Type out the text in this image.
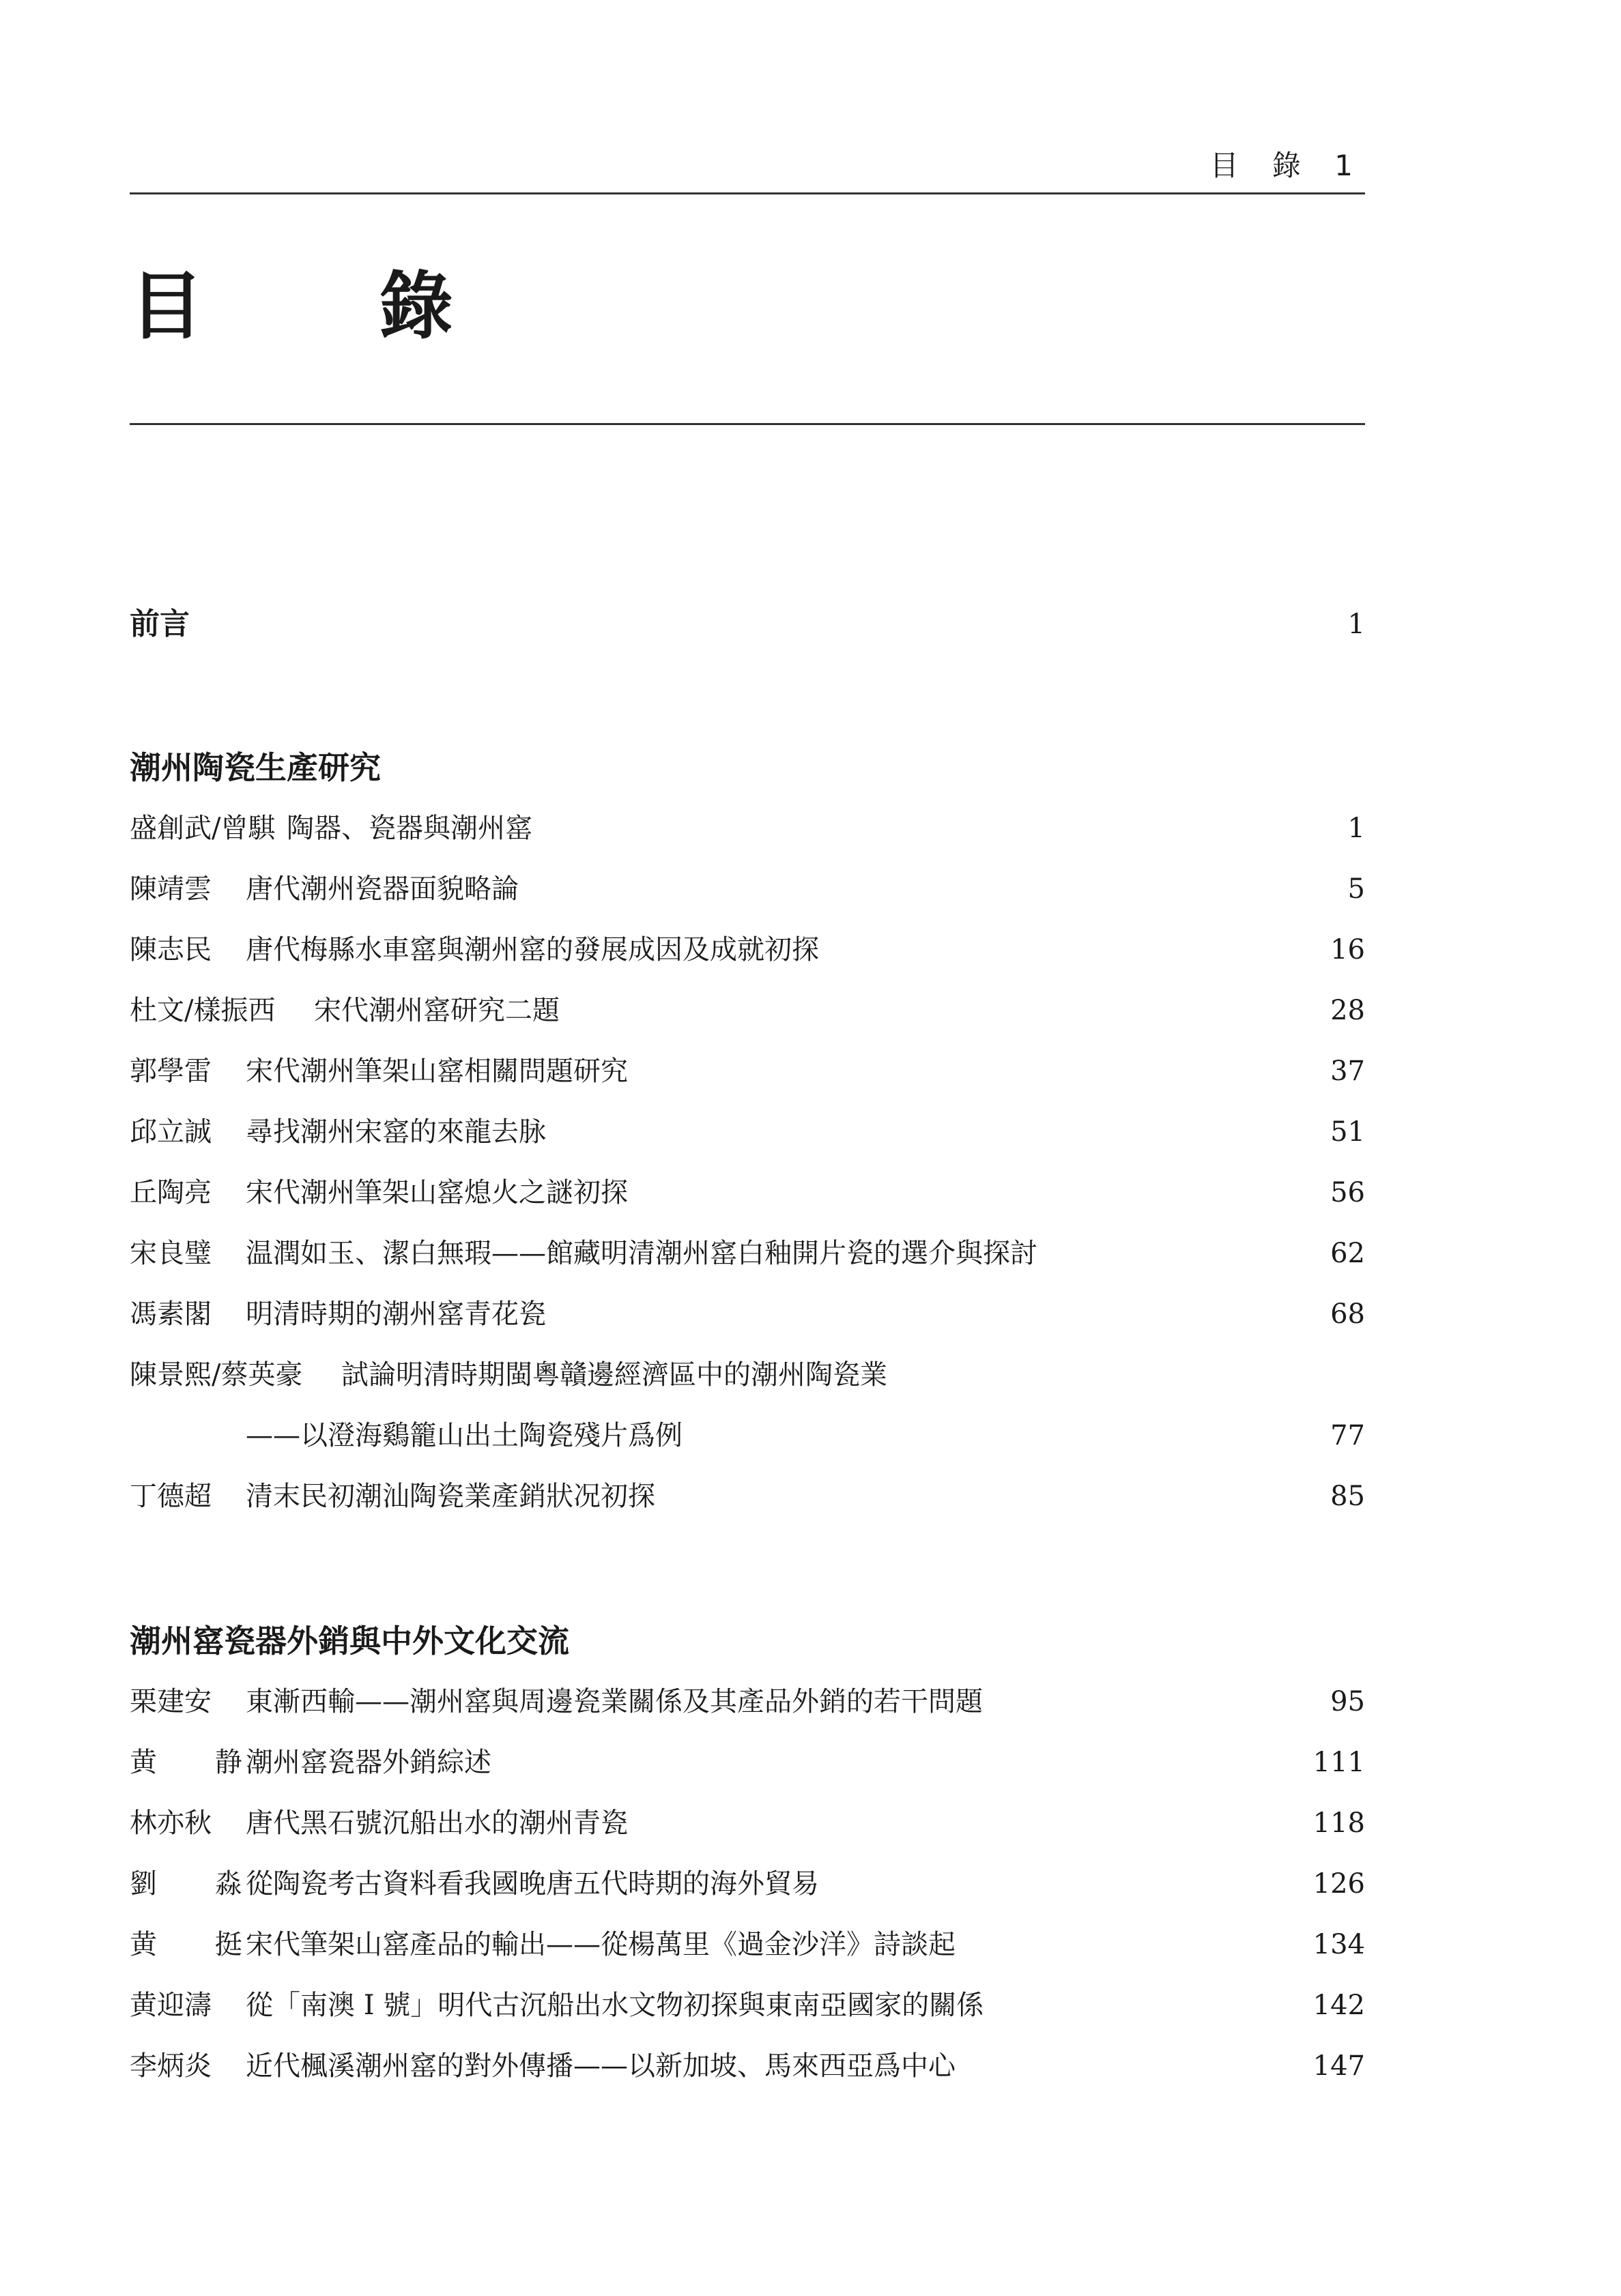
目 錄 1
目 錄
前言	1
潮州陶瓷生產研究
盛創武/曾騏 陶器、瓷器與潮州窰	1
陳靖雲 唐代潮州瓷器面貌略論	5
陳志民 唐代梅縣水車窰與潮州窰的發展成因及成就初探	16
杜文/樣振西 宋代潮州窰研究二題	28
郭學雷 宋代潮州筆架山窰相關問題研究	37
邱立誠 尋找潮州宋窰的來龍去脉	51
丘陶亮 宋代潮州筆架山窰熄火之謎初探	56
宋良璧 温潤如玉、潔白無瑕——館藏明清潮州窰白釉開片瓷的選介與探討	62
馮素閣 明清時期的潮州窰青花瓷	68
陳景熙/蔡英豪 試論明清時期閩粵贛邊經濟區中的潮州陶瓷業
——以澄海鷄籠山出土陶瓷殘片爲例	77
丁德超 清末民初潮汕陶瓷業產銷狀况初探	85
潮州窰瓷器外銷與中外文化交流
栗建安 東漸西輸——潮州窰與周邊瓷業關係及其產品外銷的若干問題	95
黄 静潮州窰瓷器外銷綜述	111
林亦秋 唐代黑石號沉船出水的潮州青瓷	118
劉 淼從陶瓷考古資料看我國晚唐五代時期的海外貿易	126
黄 挺宋代筆架山窰產品的輸出——從楊萬里《過金沙洋》詩談起	134
黄迎濤 從「南澳 I 號」明代古沉船出水文物初探與東南亞國家的關係	142
李炳炎 近代楓溪潮州窰的對外傳播——以新加坡、馬來西亞爲中心	147
